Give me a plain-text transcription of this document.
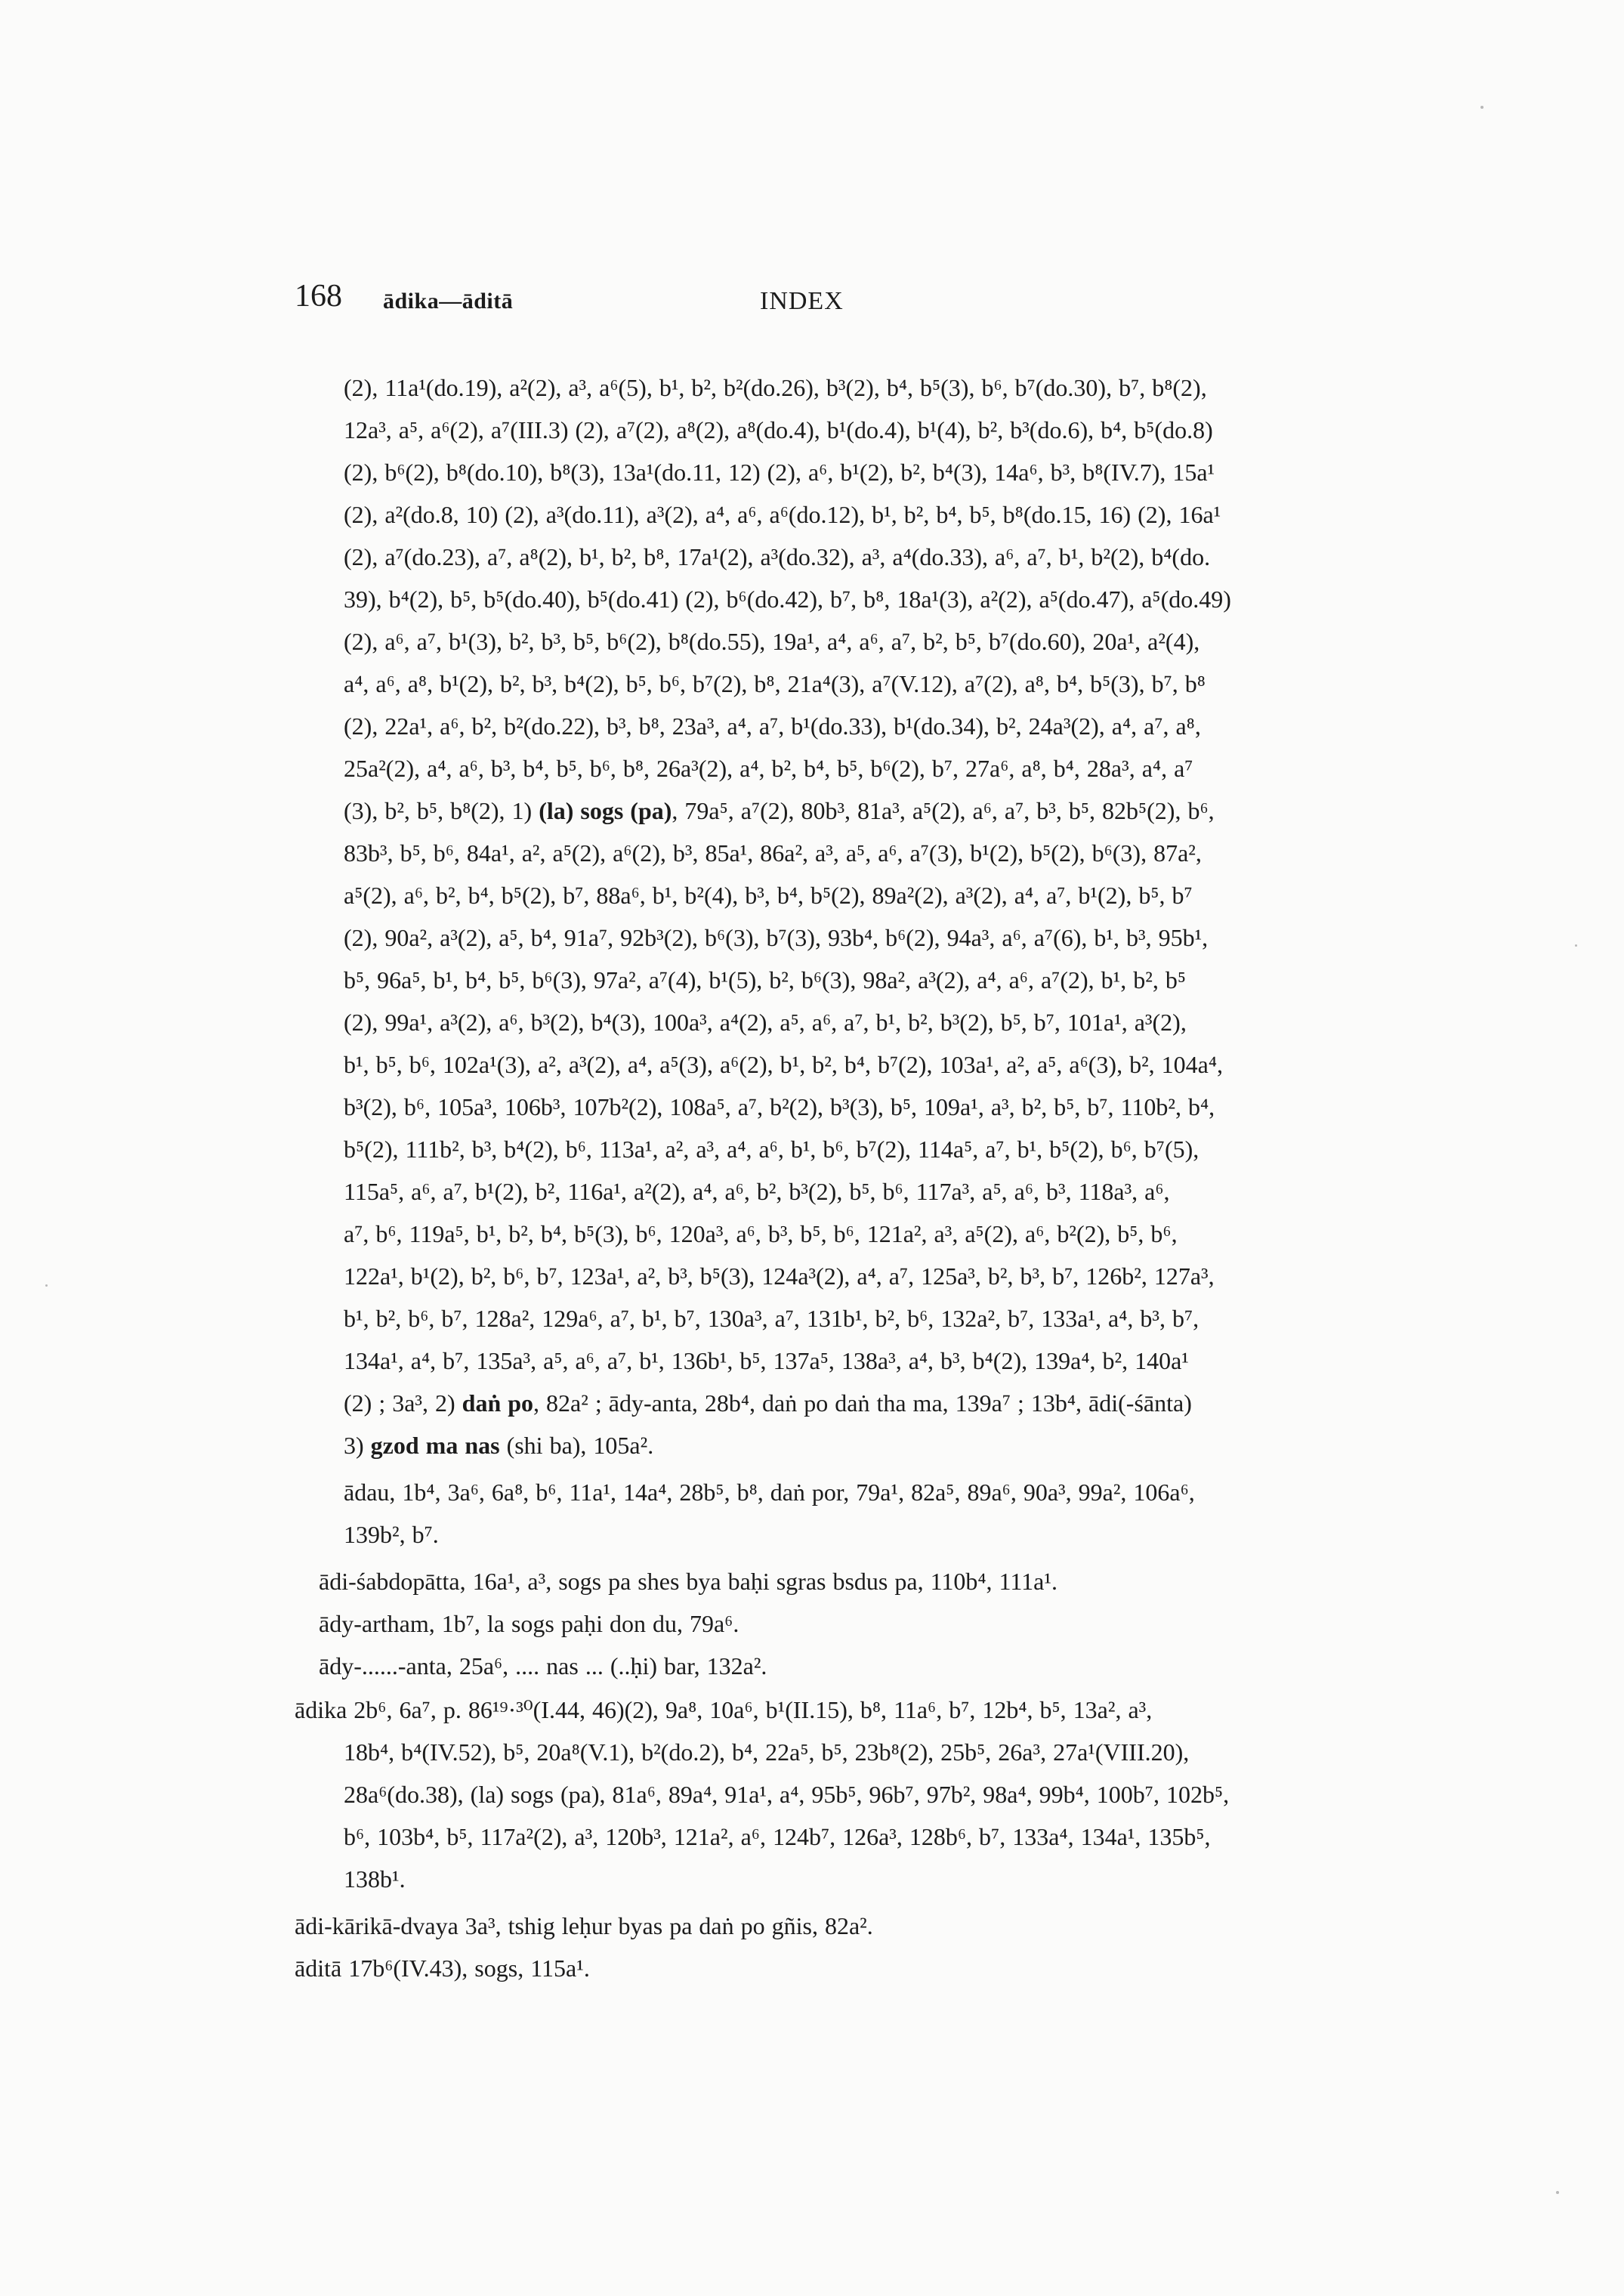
168 ādika—āditā	INDEX
(2), 11a¹(do.19), a²(2), a³, a⁶(5), b¹, b², b²(do.26), b³(2), b⁴, b⁵(3), b⁶, b⁷(do.30), b⁷, b⁸(2),
12a³, a⁵, a⁶(2), a⁷(III.3) (2), a⁷(2), a⁸(2), a⁸(do.4), b¹(do.4), b¹(4), b², b³(do.6), b⁴, b⁵(do.8)
(2), b⁶(2), b⁸(do.10), b⁸(3), 13a¹(do.11, 12) (2), a⁶, b¹(2), b², b⁴(3), 14a⁶, b³, b⁸(IV.7), 15a¹
(2), a²(do.8, 10) (2), a³(do.11), a³(2), a⁴, a⁶, a⁶(do.12), b¹, b², b⁴, b⁵, b⁸(do.15, 16) (2), 16a¹
(2), a⁷(do.23), a⁷, a⁸(2), b¹, b², b⁸, 17a¹(2), a³(do.32), a³, a⁴(do.33), a⁶, a⁷, b¹, b²(2), b⁴(do.
39), b⁴(2), b⁵, b⁵(do.40), b⁵(do.41) (2), b⁶(do.42), b⁷, b⁸, 18a¹(3), a²(2), a⁵(do.47), a⁵(do.49)
(2), a⁶, a⁷, b¹(3), b², b³, b⁵, b⁶(2), b⁸(do.55), 19a¹, a⁴, a⁶, a⁷, b², b⁵, b⁷(do.60), 20a¹, a²(4),
a⁴, a⁶, a⁸, b¹(2), b², b³, b⁴(2), b⁵, b⁶, b⁷(2), b⁸, 21a⁴(3), a⁷(V.12), a⁷(2), a⁸, b⁴, b⁵(3), b⁷, b⁸
(2), 22a¹, a⁶, b², b²(do.22), b³, b⁸, 23a³, a⁴, a⁷, b¹(do.33), b¹(do.34), b², 24a³(2), a⁴, a⁷, a⁸,
25a²(2), a⁴, a⁶, b³, b⁴, b⁵, b⁶, b⁸, 26a³(2), a⁴, b², b⁴, b⁵, b⁶(2), b⁷, 27a⁶, a⁸, b⁴, 28a³, a⁴, a⁷
(3), b², b⁵, b⁸(2), 1) (la) sogs (pa), 79a⁵, a⁷(2), 80b³, 81a³, a⁵(2), a⁶, a⁷, b³, b⁵, 82b⁵(2), b⁶,
83b³, b⁵, b⁶, 84a¹, a², a⁵(2), a⁶(2), b³, 85a¹, 86a², a³, a⁵, a⁶, a⁷(3), b¹(2), b⁵(2), b⁶(3), 87a²,
a⁵(2), a⁶, b², b⁴, b⁵(2), b⁷, 88a⁶, b¹, b²(4), b³, b⁴, b⁵(2), 89a²(2), a³(2), a⁴, a⁷, b¹(2), b⁵, b⁷
(2), 90a², a³(2), a⁵, b⁴, 91a⁷, 92b³(2), b⁶(3), b⁷(3), 93b⁴, b⁶(2), 94a³, a⁶, a⁷(6), b¹, b³, 95b¹,
b⁵, 96a⁵, b¹, b⁴, b⁵, b⁶(3), 97a², a⁷(4), b¹(5), b², b⁶(3), 98a², a³(2), a⁴, a⁶, a⁷(2), b¹, b², b⁵
(2), 99a¹, a³(2), a⁶, b³(2), b⁴(3), 100a³, a⁴(2), a⁵, a⁶, a⁷, b¹, b², b³(2), b⁵, b⁷, 101a¹, a³(2),
b¹, b⁵, b⁶, 102a¹(3), a², a³(2), a⁴, a⁵(3), a⁶(2), b¹, b², b⁴, b⁷(2), 103a¹, a², a⁵, a⁶(3), b², 104a⁴,
b³(2), b⁶, 105a³, 106b³, 107b²(2), 108a⁵, a⁷, b²(2), b³(3), b⁵, 109a¹, a³, b², b⁵, b⁷, 110b², b⁴,
b⁵(2), 111b², b³, b⁴(2), b⁶, 113a¹, a², a³, a⁴, a⁶, b¹, b⁶, b⁷(2), 114a⁵, a⁷, b¹, b⁵(2), b⁶, b⁷(5),
115a⁵, a⁶, a⁷, b¹(2), b², 116a¹, a²(2), a⁴, a⁶, b², b³(2), b⁵, b⁶, 117a³, a⁵, a⁶, b³, 118a³, a⁶,
a⁷, b⁶, 119a⁵, b¹, b², b⁴, b⁵(3), b⁶, 120a³, a⁶, b³, b⁵, b⁶, 121a², a³, a⁵(2), a⁶, b²(2), b⁵, b⁶,
122a¹, b¹(2), b², b⁶, b⁷, 123a¹, a², b³, b⁵(3), 124a³(2), a⁴, a⁷, 125a³, b², b³, b⁷, 126b², 127a³,
b¹, b², b⁶, b⁷, 128a², 129a⁶, a⁷, b¹, b⁷, 130a³, a⁷, 131b¹, b², b⁶, 132a², b⁷, 133a¹, a⁴, b³, b⁷,
134a¹, a⁴, b⁷, 135a³, a⁵, a⁶, a⁷, b¹, 136b¹, b⁵, 137a⁵, 138a³, a⁴, b³, b⁴(2), 139a⁴, b², 140a¹
(2) ; 3a³, 2) daṅ po, 82a² ; ādy-anta, 28b⁴, daṅ po daṅ tha ma, 139a⁷ ; 13b⁴, ādi(-śānta)
3) gzod ma nas (shi ba), 105a².
ādau, 1b⁴, 3a⁶, 6a⁸, b⁶, 11a¹, 14a⁴, 28b⁵, b⁸, daṅ por, 79a¹, 82a⁵, 89a⁶, 90a³, 99a², 106a⁶,
139b², b⁷.
ādi-śabdopātta, 16a¹, a³, sogs pa shes bya baḥi sgras bsdus pa, 110b⁴, 111a¹.
ādy-artham, 1b⁷, la sogs paḥi don du, 79a⁶.
ādy-......-anta, 25a⁶, .... nas ... (..ḥi) bar, 132a².
ādika 2b⁶, 6a⁷, p. 86¹⁹·³⁰(I.44, 46)(2), 9a⁸, 10a⁶, b¹(II.15), b⁸, 11a⁶, b⁷, 12b⁴, b⁵, 13a², a³,
18b⁴, b⁴(IV.52), b⁵, 20a⁸(V.1), b²(do.2), b⁴, 22a⁵, b⁵, 23b⁸(2), 25b⁵, 26a³, 27a¹(VIII.20),
28a⁶(do.38), (la) sogs (pa), 81a⁶, 89a⁴, 91a¹, a⁴, 95b⁵, 96b⁷, 97b², 98a⁴, 99b⁴, 100b⁷, 102b⁵,
b⁶, 103b⁴, b⁵, 117a²(2), a³, 120b³, 121a², a⁶, 124b⁷, 126a³, 128b⁶, b⁷, 133a⁴, 134a¹, 135b⁵,
138b¹.
ādi-kārikā-dvaya 3a³, tshig leḥur byas pa daṅ po gñis, 82a².
āditā 17b⁶(IV.43), sogs, 115a¹.
